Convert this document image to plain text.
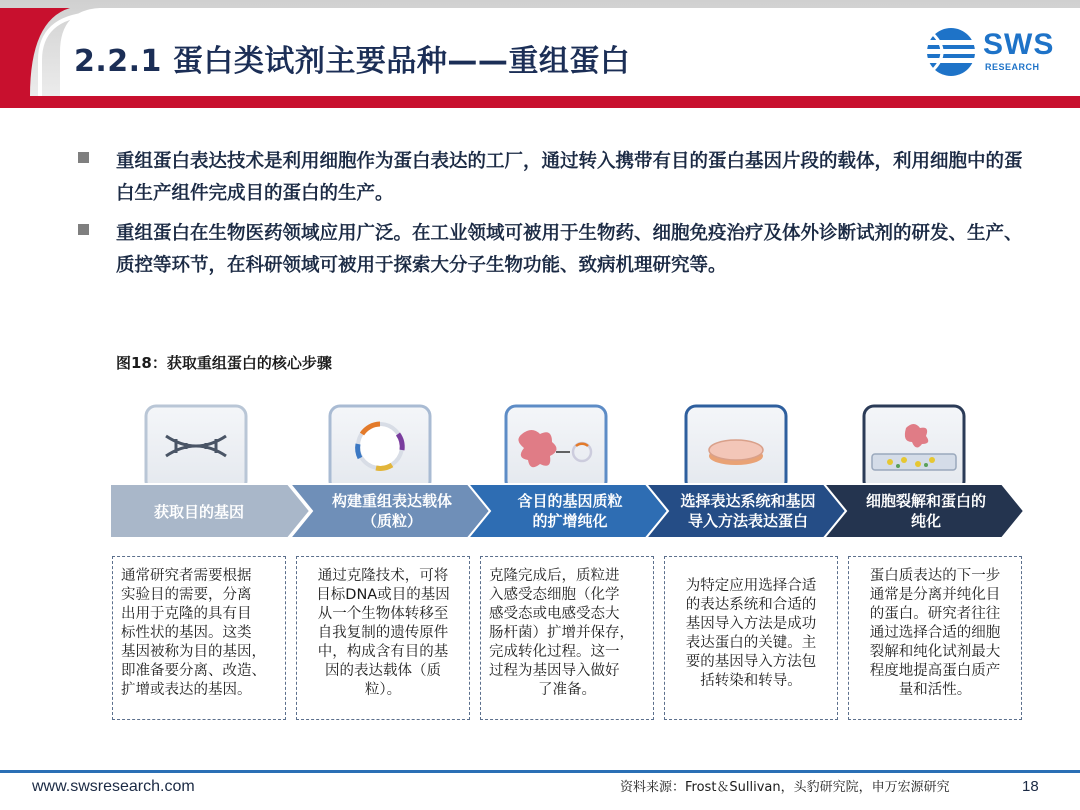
2.2.1 蛋白类试剂主要品种——重组蛋白	SWS
RESEARCH
重组蛋白表达技术是利用细胞作为蛋白表达的工厂，通过转入携带有目的蛋白基因片段的载体，利用细胞中的蛋白生产组件完成目的蛋白的生产。
重组蛋白在生物医药领域应用广泛。在工业领域可被用于生物药、细胞免疫治疗及体外诊断试剂的研发、生产、质控等环节，在科研领域可被用于探索大分子生物功能、致病机理研究等。
图18：获取重组蛋白的核心步骤
获取目的基因
构建重组表达载体
（质粒）
含目的基因质粒
的扩增纯化
选择表达系统和基因
导入方法表达蛋白
细胞裂解和蛋白的
纯化
通常研究者需要根据
实验目的需要，分离
出用于克隆的具有目
标性状的基因。这类
基因被称为目的基因，
即准备要分离、改造、
扩增或表达的基因。
通过克隆技术，可将
目标DNA或目的基因
从一个生物体转移至
自我复制的遗传原件
中，构成含有目的基
因的表达载体（质
粒）。
克隆完成后，质粒进
入感受态细胞（化学
感受态或电感受态大
肠杆菌）扩增并保存，
完成转化过程。这一
过程为基因导入做好
了准备。
为特定应用选择合适
的表达系统和合适的
基因导入方法是成功
表达蛋白的关键。主
要的基因导入方法包
括转染和转导。
蛋白质表达的下一步
通常是分离并纯化目
的蛋白。研究者往往
通过选择合适的细胞
裂解和纯化试剂最大
程度地提高蛋白质产
量和活性。
www.swsresearch.com	资料来源：Frost＆Sullivan，头豹研究院，申万宏源研究	18
